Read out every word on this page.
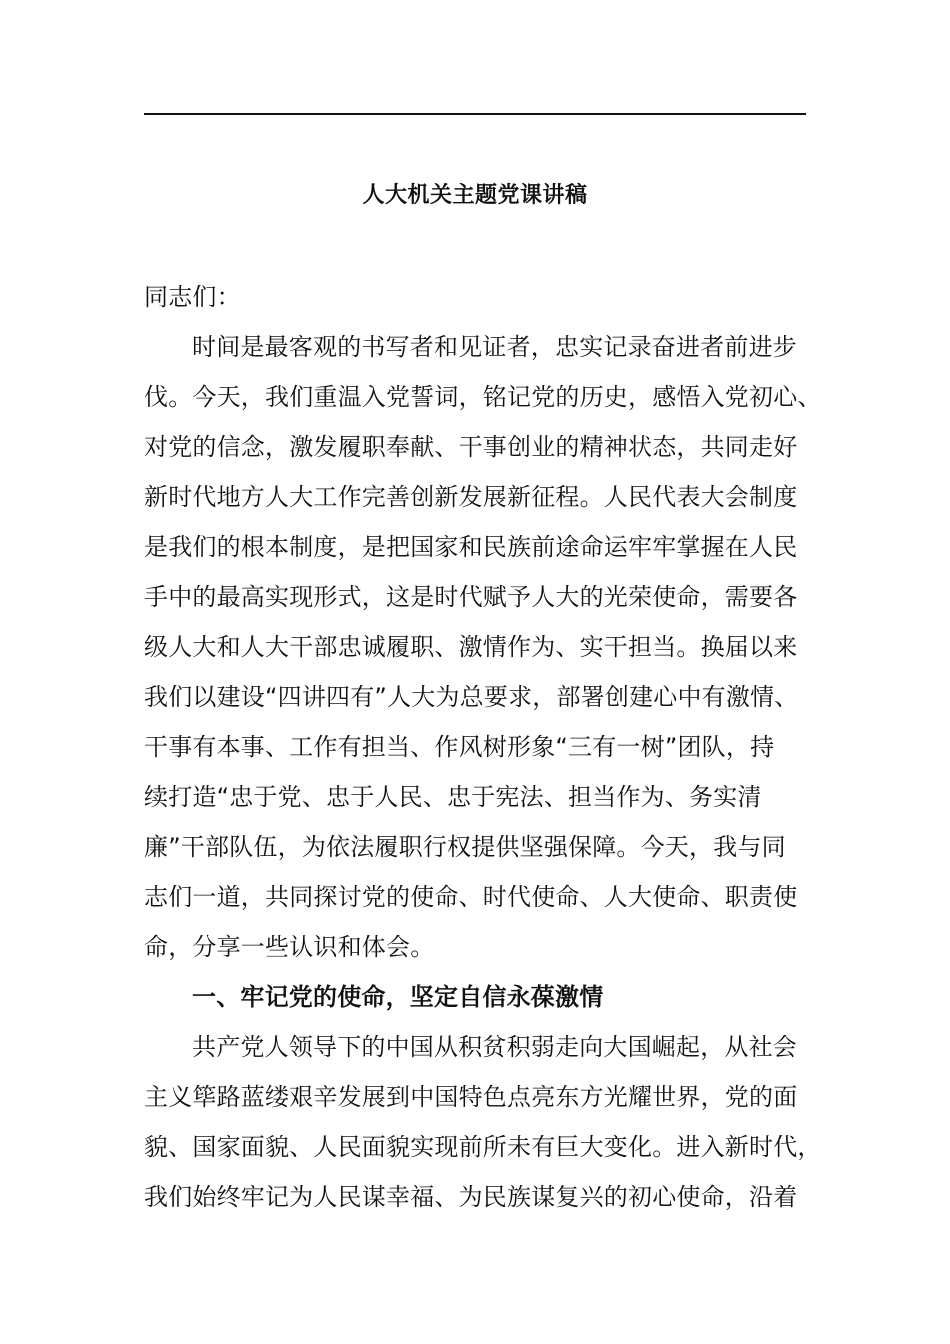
人大机关主题党课讲稿
同志们：
时间是最客观的书写者和见证者，忠实记录奋进者前进步
伐。今天，我们重温入党誓词，铭记党的历史，感悟入党初心、
对党的信念，激发履职奉献、干事创业的精神状态，共同走好
新时代地方人大工作完善创新发展新征程。人民代表大会制度
是我们的根本制度，是把国家和民族前途命运牢牢掌握在人民
手中的最高实现形式，这是时代赋予人大的光荣使命，需要各
级人大和人大干部忠诚履职、激情作为、实干担当。换届以来
我们以建设“四讲四有”人大为总要求，部署创建心中有激情、
干事有本事、工作有担当、作风树形象“三有一树”团队，持
续打造“忠于党、忠于人民、忠于宪法、担当作为、务实清
廉”干部队伍，为依法履职行权提供坚强保障。今天，我与同
志们一道，共同探讨党的使命、时代使命、人大使命、职责使
命，分享一些认识和体会。
一、牢记党的使命，坚定自信永葆激情
共产党人领导下的中国从积贫积弱走向大国崛起，从社会
主义筚路蓝缕艰辛发展到中国特色点亮东方光耀世界，党的面
貌、国家面貌、人民面貌实现前所未有巨大变化。进入新时代，
我们始终牢记为人民谋幸福、为民族谋复兴的初心使命，沿着
